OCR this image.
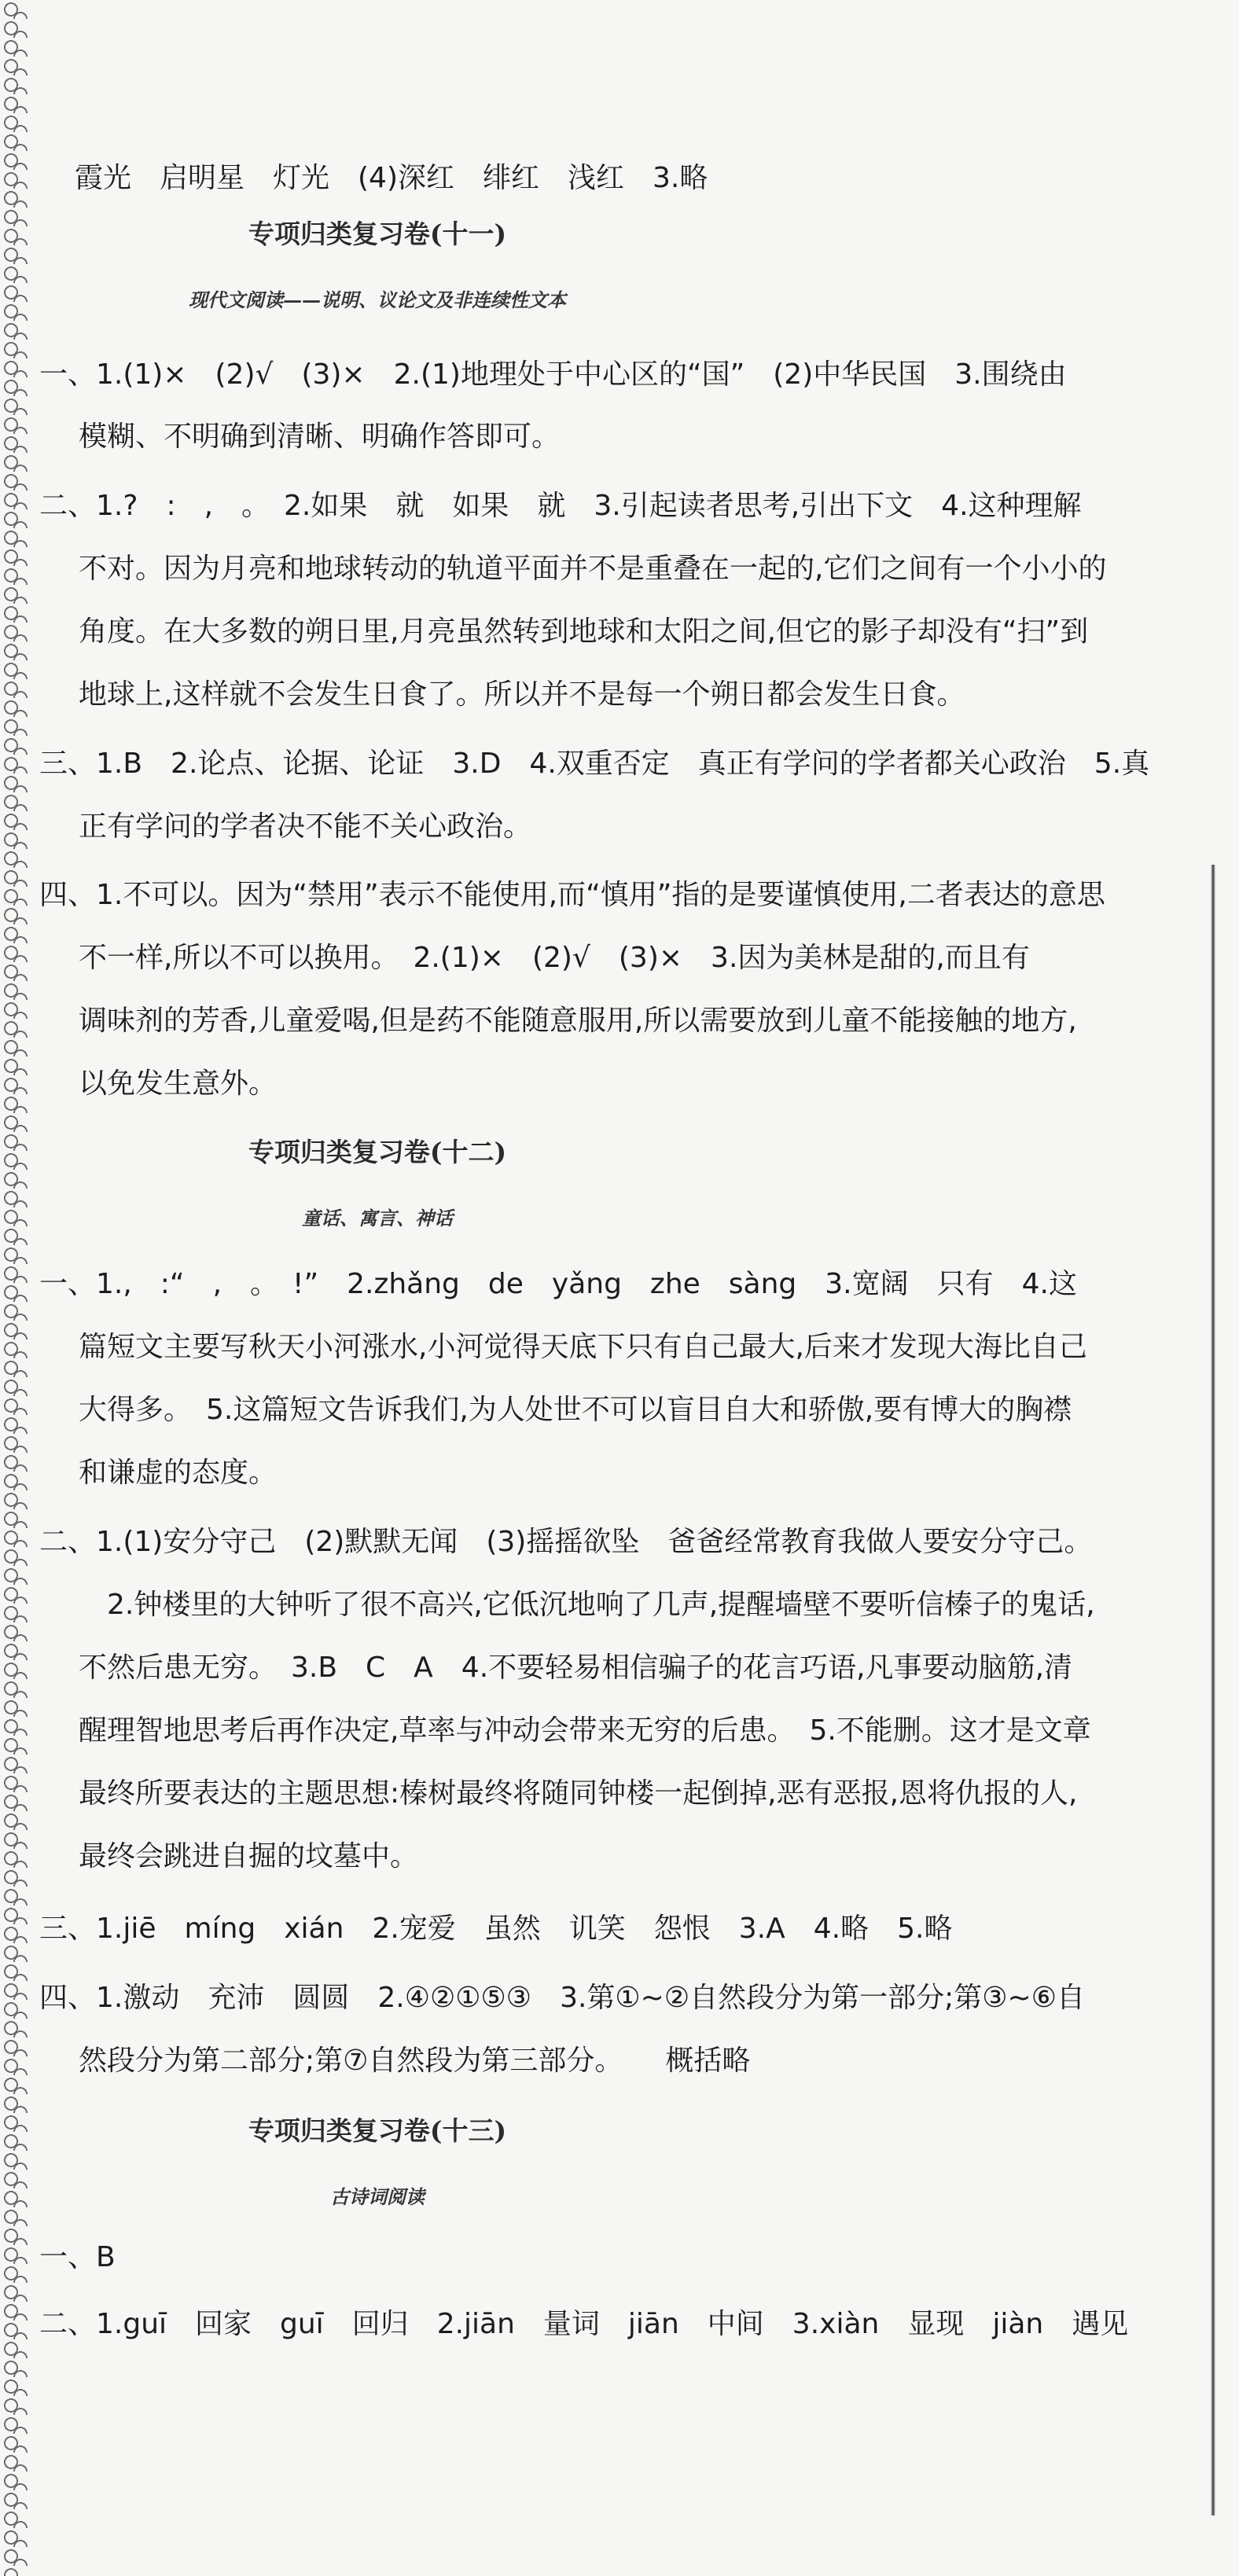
霞光　启明星　灯光　(4)深红　绯红　浅红　3.略
专项归类复习卷(十一)
现代文阅读——说明、议论文及非连续性文本
一、1.(1)×　(2)√　(3)×　2.(1)地理处于中心区的“国”　(2)中华民国　3.围绕由
模糊、不明确到清晰、明确作答即可。
二、1.?　:　,　。　2.如果　就　如果　就　3.引起读者思考,引出下文　4.这种理解
不对。因为月亮和地球转动的轨道平面并不是重叠在一起的,它们之间有一个小小的
角度。在大多数的朔日里,月亮虽然转到地球和太阳之间,但它的影子却没有“扫”到
地球上,这样就不会发生日食了。所以并不是每一个朔日都会发生日食。
三、1.B　2.论点、论据、论证　3.D　4.双重否定　真正有学问的学者都关心政治　5.真
正有学问的学者决不能不关心政治。
四、1.不可以。因为“禁用”表示不能使用,而“慎用”指的是要谨慎使用,二者表达的意思
不一样,所以不可以换用。　2.(1)×　(2)√　(3)×　3.因为美林是甜的,而且有
调味剂的芳香,儿童爱喝,但是药不能随意服用,所以需要放到儿童不能接触的地方,
以免发生意外。
专项归类复习卷(十二)
童话、寓言、神话
一、1.,　:“　,　。　!”　2.zhǎng　de　yǎng　zhe　sàng　3.宽阔　只有　4.这
篇短文主要写秋天小河涨水,小河觉得天底下只有自己最大,后来才发现大海比自己
大得多。　5.这篇短文告诉我们,为人处世不可以盲目自大和骄傲,要有博大的胸襟
和谦虚的态度。
二、1.(1)安分守己　(2)默默无闻　(3)摇摇欲坠　爸爸经常教育我做人要安分守己。
　2.钟楼里的大钟听了很不高兴,它低沉地响了几声,提醒墙壁不要听信榛子的鬼话,
不然后患无穷。　3.B　C　A　4.不要轻易相信骗子的花言巧语,凡事要动脑筋,清
醒理智地思考后再作决定,草率与冲动会带来无穷的后患。　5.不能删。这才是文章
最终所要表达的主题思想:榛树最终将随同钟楼一起倒掉,恶有恶报,恩将仇报的人,
最终会跳进自掘的坟墓中。
三、1.jiē　míng　xián　2.宠爱　虽然　讥笑　怨恨　3.A　4.略　5.略
四、1.激动　充沛　圆圆　2.④②①⑤③　3.第①~②自然段分为第一部分;第③~⑥自
然段分为第二部分;第⑦自然段为第三部分。　　概括略
专项归类复习卷(十三)
古诗词阅读
一、B
二、1.guī　回家　guī　回归　2.jiān　量词　jiān　中间　3.xiàn　显现　jiàn　遇见
